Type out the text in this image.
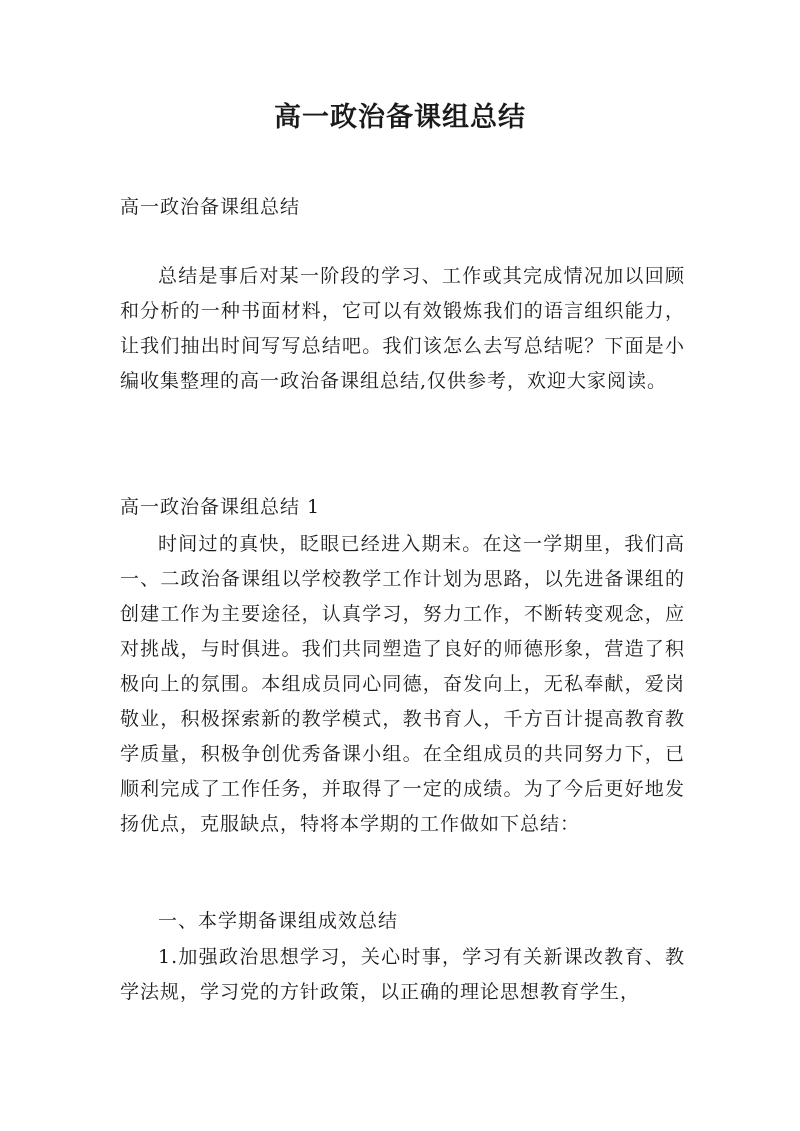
高一政治备课组总结

高一政治备课组总结

总结是事后对某一阶段的学习、工作或其完成情况加以回顾和分析的一种书面材料，它可以有效锻炼我们的语言组织能力，让我们抽出时间写写总结吧。我们该怎么去写总结呢？下面是小编收集整理的高一政治备课组总结,仅供参考，欢迎大家阅读。

高一政治备课组总结 1

时间过的真快，眨眼已经进入期末。在这一学期里，我们高一、二政治备课组以学校教学工作计划为思路，以先进备课组的创建工作为主要途径，认真学习，努力工作，不断转变观念，应对挑战，与时俱进。我们共同塑造了良好的师德形象，营造了积极向上的氛围。本组成员同心同德，奋发向上，无私奉献，爱岗敬业，积极探索新的教学模式，教书育人，千方百计提高教育教学质量，积极争创优秀备课小组。在全组成员的共同努力下，已顺利完成了工作任务，并取得了一定的成绩。为了今后更好地发扬优点，克服缺点，特将本学期的工作做如下总结：

一、本学期备课组成效总结

1.加强政治思想学习，关心时事，学习有关新课改教育、教学法规，学习党的方针政策，以正确的理论思想教育学生，
